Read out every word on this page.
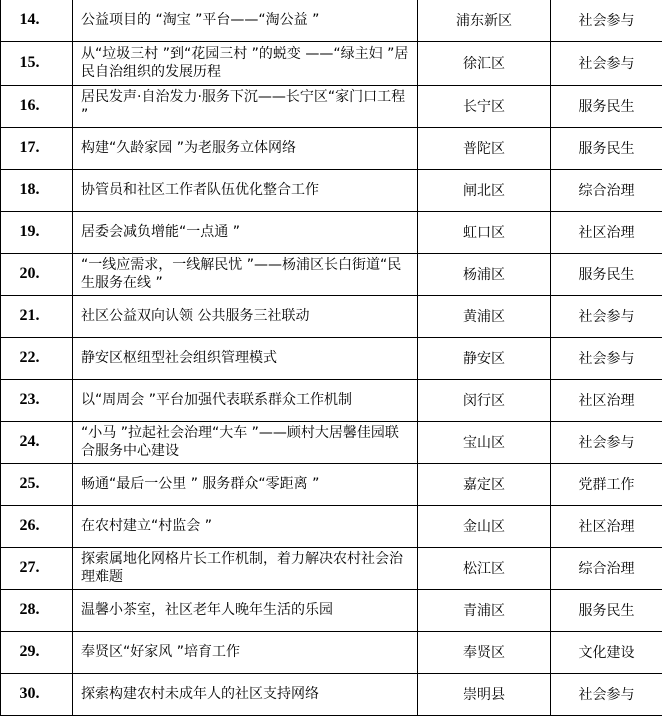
14.	公益项目的 “淘宝 ”平台——“淘公益 ”	浦东新区	社会参与
15.	从“垃圾三村 ”到“花园三村 ”的蜕变 ——“绿主妇 ”居民自治组织的发展历程	徐汇区	社会参与
16.	居民发声·自治发力·服务下沉——长宁区“家门口工程 ”	长宁区	服务民生
17.	构建“久龄家园 ”为老服务立体网络	普陀区	服务民生
18.	协管员和社区工作者队伍优化整合工作	闸北区	综合治理
19.	居委会减负增能“一点通 ”	虹口区	社区治理
20.	“一线应需求，一线解民忧 ”——杨浦区长白街道“民生服务在线 ”	杨浦区	服务民生
21.	社区公益双向认领 公共服务三社联动	黄浦区	社会参与
22.	静安区枢纽型社会组织管理模式	静安区	社会参与
23.	以“周周会 ”平台加强代表联系群众工作机制	闵行区	社区治理
24.	“小马 ”拉起社会治理“大车 ”——顾村大居馨佳园联合服务中心建设	宝山区	社会参与
25.	畅通“最后一公里 ” 服务群众“零距离 ”	嘉定区	党群工作
26.	在农村建立“村监会 ”	金山区	社区治理
27.	探索属地化网格片长工作机制，着力解决农村社会治理难题	松江区	综合治理
28.	温馨小茶室，社区老年人晚年生活的乐园	青浦区	服务民生
29.	奉贤区“好家风 ”培育工作	奉贤区	文化建设
30.	探索构建农村未成年人的社区支持网络	崇明县	社会参与
